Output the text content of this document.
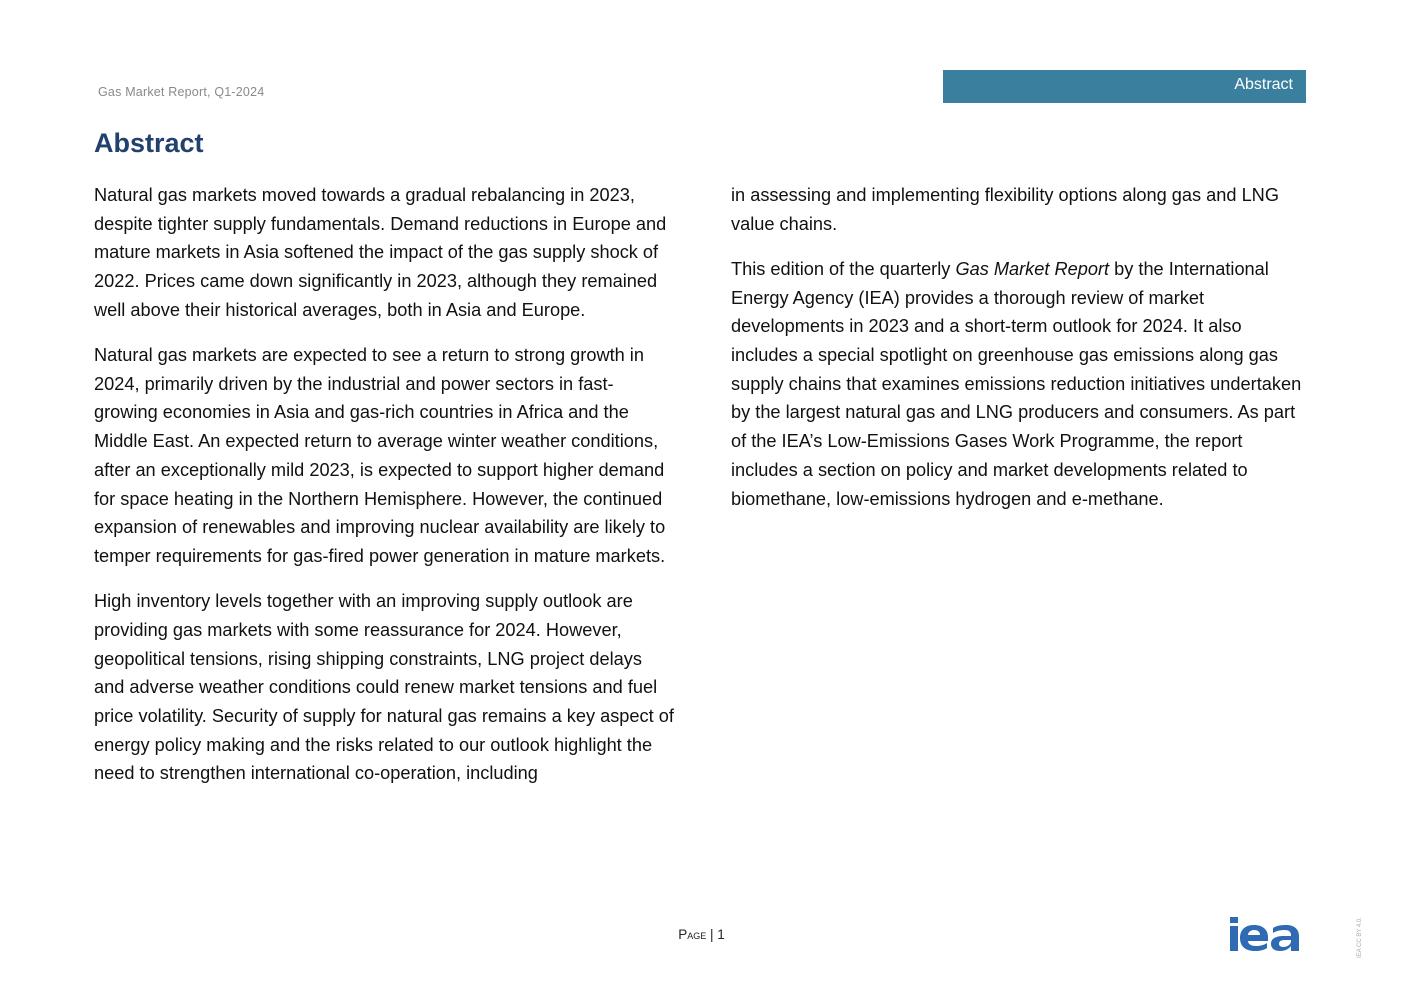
Gas Market Report, Q1-2024	Abstract
Abstract

Natural gas markets moved towards a gradual rebalancing in 2023, despite tighter supply fundamentals. Demand reductions in Europe and mature markets in Asia softened the impact of the gas supply shock of 2022. Prices came down significantly in 2023, although they remained well above their historical averages, both in Asia and Europe.

Natural gas markets are expected to see a return to strong growth in 2024, primarily driven by the industrial and power sectors in fast-growing economies in Asia and gas-rich countries in Africa and the Middle East. An expected return to average winter weather conditions, after an exceptionally mild 2023, is expected to support higher demand for space heating in the Northern Hemisphere. However, the continued expansion of renewables and improving nuclear availability are likely to temper requirements for gas-fired power generation in mature markets.

High inventory levels together with an improving supply outlook are providing gas markets with some reassurance for 2024. However, geopolitical tensions, rising shipping constraints, LNG project delays and adverse weather conditions could renew market tensions and fuel price volatility. Security of supply for natural gas remains a key aspect of energy policy making and the risks related to our outlook highlight the need to strengthen international co-operation, including

in assessing and implementing flexibility options along gas and LNG value chains.

This edition of the quarterly Gas Market Report by the International Energy Agency (IEA) provides a thorough review of market developments in 2023 and a short-term outlook for 2024. It also includes a special spotlight on greenhouse gas emissions along gas supply chains that examines emissions reduction initiatives undertaken by the largest natural gas and LNG producers and consumers. As part of the IEA’s Low-Emissions Gases Work Programme, the report includes a section on policy and market developments related to biomethane, low-emissions hydrogen and e-methane.

Page | 1	IEA CC BY 4.0.
